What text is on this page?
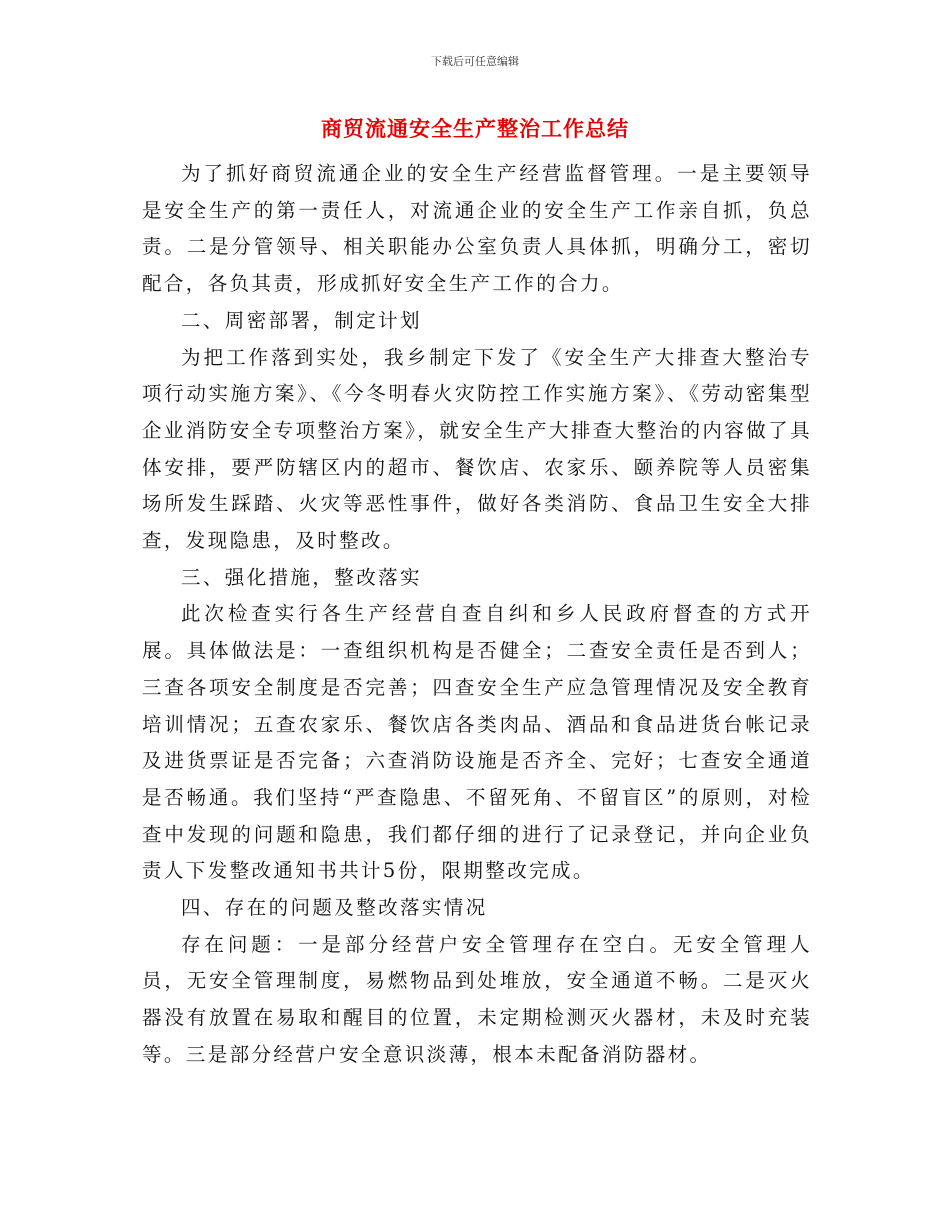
下载后可任意编辑
商贸流通安全生产整治工作总结

为了抓好商贸流通企业的安全生产经营监督管理。一是主要领导是安全生产的第一责任人，对流通企业的安全生产工作亲自抓，负总责。二是分管领导、相关职能办公室负责人具体抓，明确分工，密切配合，各负其责，形成抓好安全生产工作的合力。

二、周密部署，制定计划

为把工作落到实处，我乡制定下发了《安全生产大排查大整治专项行动实施方案》、《今冬明春火灾防控工作实施方案》、《劳动密集型企业消防安全专项整治方案》，就安全生产大排查大整治的内容做了具体安排，要严防辖区内的超市、餐饮店、农家乐、颐养院等人员密集场所发生踩踏、火灾等恶性事件，做好各类消防、食品卫生安全大排查，发现隐患，及时整改。

三、强化措施，整改落实

此次检查实行各生产经营自查自纠和乡人民政府督查的方式开展。具体做法是：一查组织机构是否健全；二查安全责任是否到人；三查各项安全制度是否完善；四查安全生产应急管理情况及安全教育培训情况；五查农家乐、餐饮店各类肉品、酒品和食品进货台帐记录及进货票证是否完备；六查消防设施是否齐全、完好；七查安全通道是否畅通。我们坚持“严查隐患、不留死角、不留盲区”的原则，对检查中发现的问题和隐患，我们都仔细的进行了记录登记，并向企业负责人下发整改通知书共计5份，限期整改完成。

四、存在的问题及整改落实情况

存在问题：一是部分经营户安全管理存在空白。无安全管理人员，无安全管理制度，易燃物品到处堆放，安全通道不畅。二是灭火器没有放置在易取和醒目的位置，未定期检测灭火器材，未及时充装等。三是部分经营户安全意识淡薄，根本未配备消防器材。
